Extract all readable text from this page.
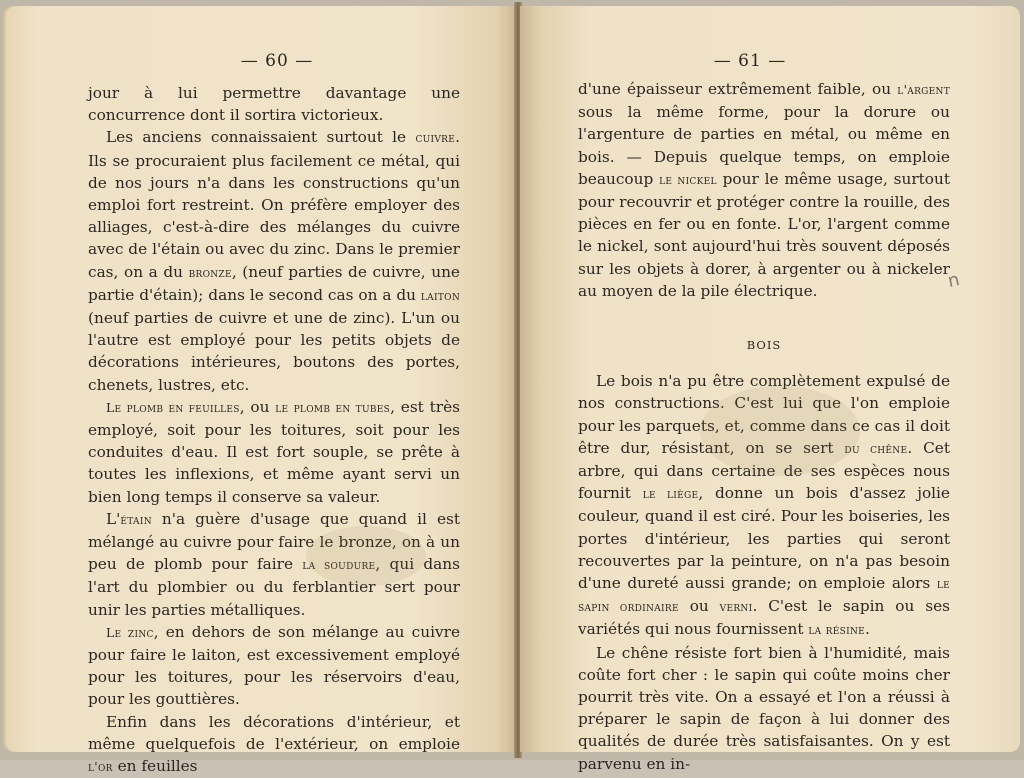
— 60 —

jour à lui permettre davantage une concurrence dont il sortira victorieux.

Les anciens connaissaient surtout le cuivre. Ils se procuraient plus facilement ce métal, qui de nos jours n'a dans les constructions qu'un emploi fort restreint. On préfère employer des alliages, c'est-à-dire des mélanges du cuivre avec de l'étain ou avec du zinc. Dans le premier cas, on a du bronze, (neuf parties de cuivre, une partie d'étain); dans le second cas on a du laiton (neuf parties de cuivre et une de zinc). L'un ou l'autre est employé pour les petits objets de décorations intérieures, boutons des portes, chenets, lustres, etc.

Le plomb en feuilles, ou le plomb en tubes, est très employé, soit pour les toitures, soit pour les conduites d'eau. Il est fort souple, se prête à toutes les inflexions, et même ayant servi un bien long temps il conserve sa valeur.

L'étain n'a guère d'usage que quand il est mélangé au cuivre pour faire le bronze, on à un peu de plomb pour faire la soudure, qui dans l'art du plombier ou du ferblantier sert pour unir les parties métalliques.

Le zinc, en dehors de son mélange au cuivre pour faire le laiton, est excessivement employé pour les toitures, pour les réservoirs d'eau, pour les gouttières.

Enfin dans les décorations d'intérieur, et même quelquefois de l'extérieur, on emploie l'or en feuilles

— 61 —

d'une épaisseur extrêmement faible, ou l'argent sous la même forme, pour la dorure ou l'argenture de parties en métal, ou même en bois. — Depuis quelque temps, on emploie beaucoup le nickel pour le même usage, surtout pour recouvrir et protéger contre la rouille, des pièces en fer ou en fonte. L'or, l'argent comme le nickel, sont aujourd'hui très souvent déposés sur les objets à dorer, à argenter ou à nickeler au moyen de la pile électrique.

BOIS

Le bois n'a pu être complètement expulsé de nos constructions. C'est lui que l'on emploie pour les parquets, et, comme dans ce cas il doit être dur, résistant, on se sert du chêne. Cet arbre, qui dans certaine de ses espèces nous fournit le liège, donne un bois d'assez jolie couleur, quand il est ciré. Pour les boiseries, les portes d'intérieur, les parties qui seront recouvertes par la peinture, on n'a pas besoin d'une dureté aussi grande; on emploie alors le sapin ordinaire ou verni. C'est le sapin ou ses variétés qui nous fournissent la résine.

Le chêne résiste fort bien à l'humidité, mais coûte fort cher : le sapin qui coûte moins cher pourrit très vite. On a essayé et l'on a réussi à préparer le sapin de façon à lui donner des qualités de durée très satisfaisantes. On y est parvenu en in-

n
